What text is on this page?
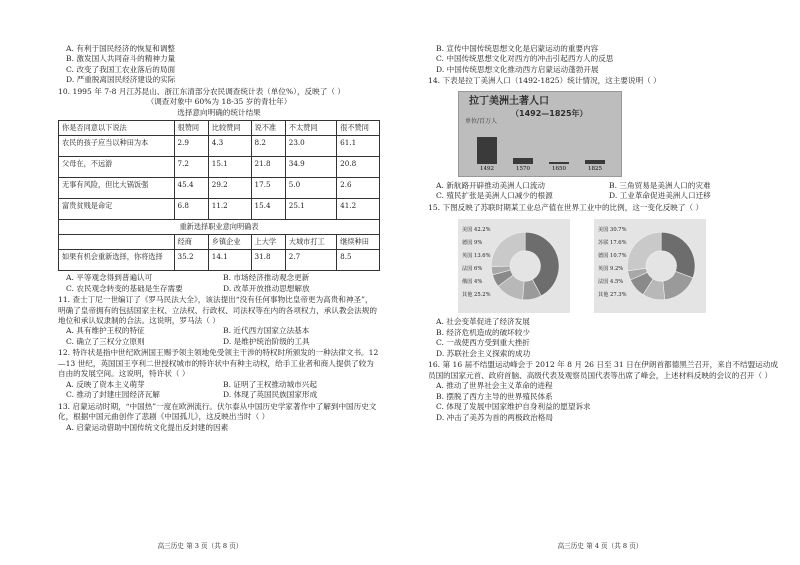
A. 有利于国民经济的恢复和调整
B. 激发国人共同奋斗的精神力量
C. 改变了我国工农业落后的局面
D. 严重脱离国民经济建设的实际
10. 1995 年 7-8 月江苏昆山、浙江东清部分农民调查统计表（单位%），反映了（ ）
（调查对象中 60%为 18-35 岁的青壮年）
选择意向明确的统计结果
你是否同意以下说法	很赞同	比较赞同	说不准	不太赞同	很不赞同
农民的孩子应当以种田为本	2.9	4.3	8.2	23.0	61.1
父母在，不远游	7.2	15.1	21.8	34.9	20.8
无事有风险，但比大锅饭强	45.4	29.2	17.5	5.0	2.6
富贵贫贱是命定	6.8	11.2	15.4	25.1	41.2
重新选择职业意向明确表					
	经商	乡镇企业	上大学	大城市打工	继续种田
如果有机会重新选择，你将选择	35.2	14.1	31.8	2.7	8.5
A. 平等观念得到普遍认可	B. 市场经济推动观念更新
C. 农民观念转变的基础是生存需要	D. 改革开放推动思想解放
11. 查士丁尼一世编订了《罗马民法大全》，该法提出“没有任何事物比皇帝更为高贵和神圣”，明确了皇帝拥有的包括国家主权、立法权、行政权、司法权等在内的各项权力，承认教会法规的地位和承认奴隶制的合法。这说明，罗马法（ ）
A. 具有维护王权的特征	B. 近代西方国家立法基本
C. 确立了三权分立原则	D. 是维护统治阶级的工具
12. 特许状是指中世纪欧洲国王赐予领主领地免受领主干涉的特权时所颁发的一种法律文书。12—13 世纪，英国国王亨利二世授权城市的特许状中有种主动权，给手工业者和商人提供了较为自由的发展空间。这说明，特许状（ ）
A. 反映了资本主义萌芽	B. 证明了王权推动城市兴起
C. 推动了封建庄园经济瓦解	D. 体现了英国民族国家形成
13. 启蒙运动时期，“中国热”一度在欧洲流行。伏尔泰从中国历史学家著作中了解到中国历史文化，根据中国元曲创作了悲剧《中国孤儿》，这反映出当时（ ）
A. 启蒙运动借助中国传统文化提出反封建的因素
高三历史 第 3 页（共 8 页）
B. 宣传中国传统思想文化是启蒙运动的重要内容
C. 中国传统思想文化对西方的冲击引起西方人的反思
D. 中国传统思想文化推动西方启蒙运动蓬勃开展
14. 下表是拉丁美洲人口（1492-1825）统计情况，这主要说明（ ）
拉丁美洲土著人口
（1492—1825年）
单位/百万人
1492	1570	1650	1825
A. 新航路开辟推动美洲人口流动	B. 三角贸易是美洲人口的灾难
C. 殖民扩张是美洲人口减少的根源	D. 工业革命促进美洲人口迁移
15. 下图反映了苏联时期某工业总产值在世界工业中的比例，这一变化反映了（ ）
美国 42.2%
德国 9%
英国 13.6%
法国 6%
俄国 4%
其他 25.2%
美国 30.7%
苏联 17.6%
德国 10.7%
英国 9.2%
法国 4.5%
其他 27.3%
A. 社会变革促进了经济发展
B. 经济危机造成的破坏较少
C. 一战使西方受到重大挫折
D. 苏联社会主义探索的成功
16. 第 16 届不结盟运动峰会于 2012 年 8 月 26 日至 31 日在伊朗首都德黑兰召开，来自不结盟运动成员国的国家元首、政府首脑、高级代表及观察员国代表等出席了峰会，上述材料反映的会议的召开（ ）
A. 推动了世界社会主义革命的进程
B. 摆脱了西方主导的世界殖民体系
C. 体现了发展中国家维护自身利益的愿望诉求
D. 冲击了美苏为首的两极政治格局
高三历史 第 4 页（共 8 页）
